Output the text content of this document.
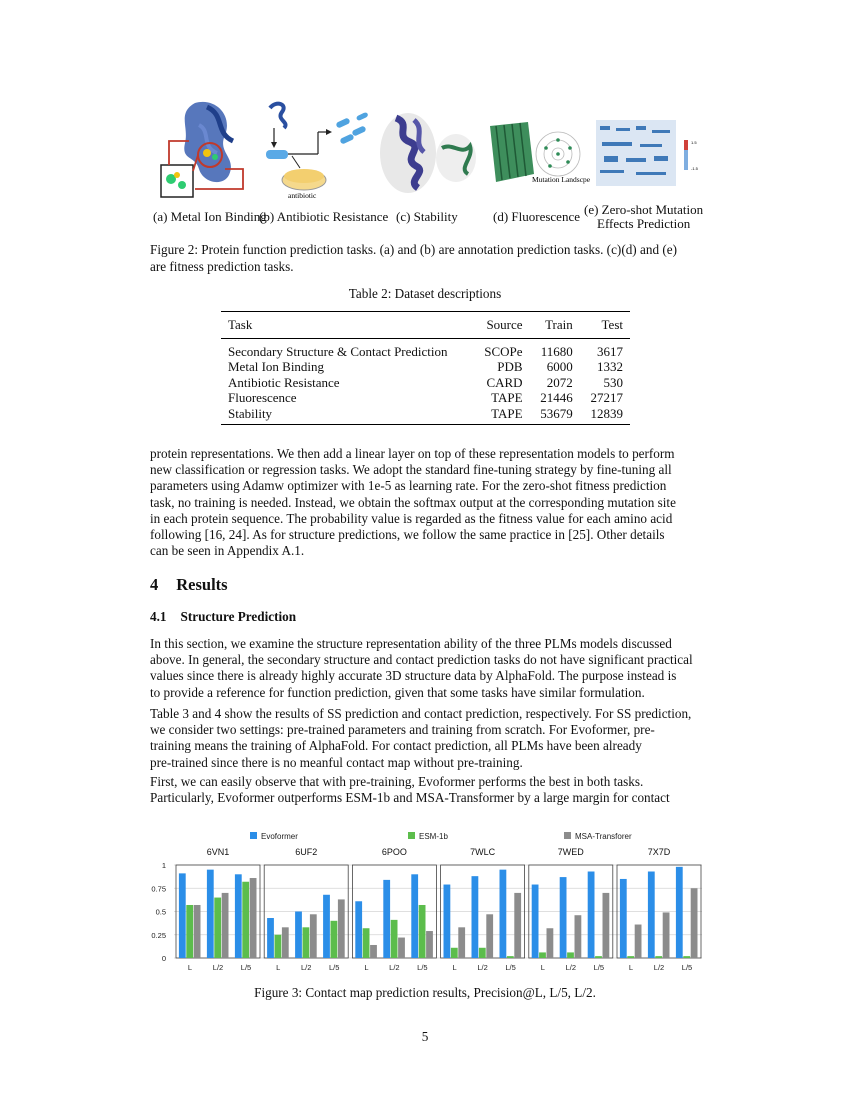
antibiotic
Mutation Landscpe
1.5
-1.5
(a) Metal Ion Binding
(b) Antibiotic Resistance (c) Stability	(d) Fluorescence (e) Zero-shot Mutation
Effects Prediction
Figure 2: Protein function prediction tasks. (a) and (b) are annotation prediction tasks. (c)(d) and (e)
are fitness prediction tasks.
Table 2: Dataset descriptions
Task	Source	Train	Test
Secondary Structure & Contact Prediction	SCOPe	11680	3617
Metal Ion Binding	PDB	6000	1332
Antibiotic Resistance	CARD	2072	530
Fluorescence	TAPE	21446	27217
Stability	TAPE	53679	12839

protein representations. We then add a linear layer on top of these representation models to perform

new classification or regression tasks. We adopt the standard fine-tuning strategy by fine-tuning all

parameters using Adamw optimizer with 1e-5 as learning rate. For the zero-shot fitness prediction

task, no training is needed. Instead, we obtain the softmax output at the corresponding mutation site

in each protein sequence. The probability value is regarded as the fitness value for each amino acid

following [16, 24]. As for structure predictions, we follow the same practice in [25]. Other details

can be seen in Appendix A.1.

4 Results
4.1 Structure Prediction

In this section, we examine the structure representation ability of the three PLMs models discussed

above. In general, the secondary structure and contact prediction tasks do not have significant practical

values since there is already highly accurate 3D structure data by AlphaFold. The purpose instead is

to provide a reference for function prediction, given that some tasks have similar formulation.

Table 3 and 4 show the results of SS prediction and contact prediction, respectively. For SS prediction,

we consider two settings: pre-trained parameters and training from scratch. For Evoformer, pre-

training means the training of AlphaFold. For contact prediction, all PLMs have been already

pre-trained since there is no meanful contact map without pre-training.

First, we can easily observe that with pre-training, Evoformer performs the best in both tasks.

Particularly, Evoformer outperforms ESM-1b and MSA-Transformer by a large margin for contact

Evoformer	ESM-1b	MSA-Transforer
0
0.25
0.5
0.75
1
6VN1
L	L/2 L/5
6UF2
L	L/2 L/5
6POO
L	L/2 L/5
7WLC
L	L/2 L/5
7WED
L	L/2 L/5
7X7D
L	L/2 L/5
Figure 3: Contact map prediction results, Precision@L, L/5, L/2.
5
